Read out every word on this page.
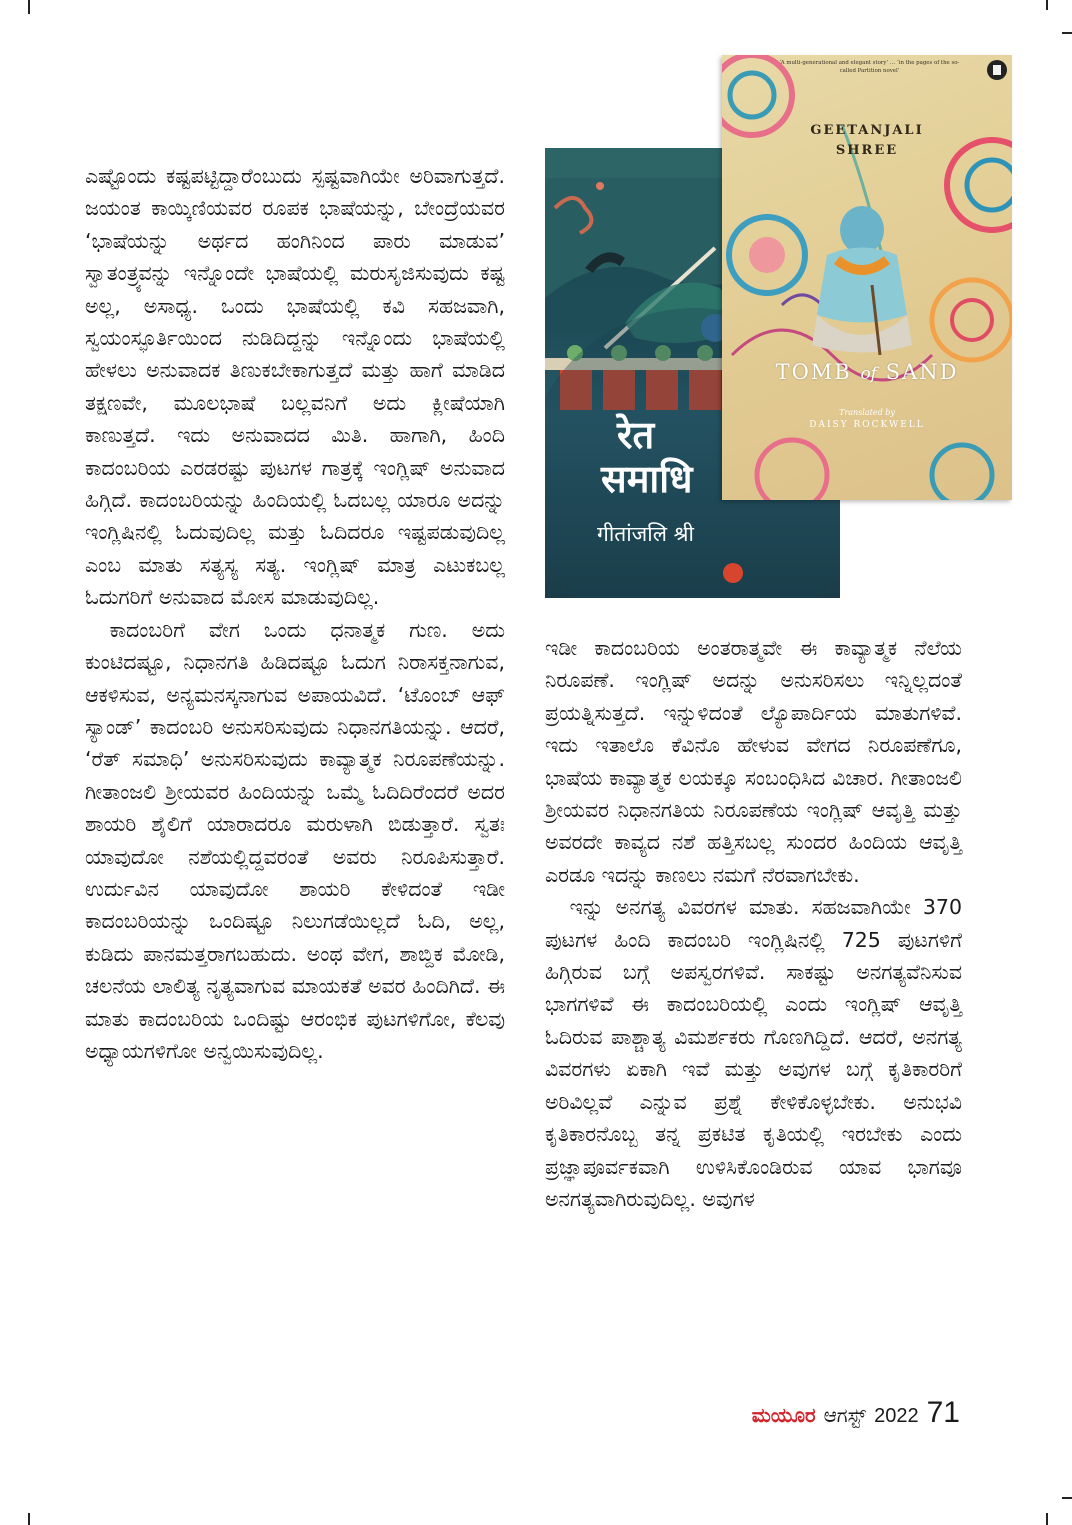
रेत
समाधि
गीतांजलि श्री
‘A multi-generational and elegant story’ … ‘in the pages of the so-called Partition novel’
GEETANJALI SHREE
TOMB of SAND
Translated by
DAISY ROCKWELL

ಎಷ್ಟೊಂದು ಕಷ್ಟಪಟ್ಟಿದ್ದಾರೆಂಬುದು ಸ್ಪಷ್ಟವಾಗಿಯೇ ಅರಿವಾಗುತ್ತದೆ. ಜಯಂತ ಕಾಯ್ಕಿಣಿಯವರ ರೂಪಕ ಭಾಷೆಯನ್ನು, ಬೇಂದ್ರೆಯವರ ‘ಭಾಷೆಯನ್ನು ಅರ್ಥದ ಹಂಗಿನಿಂದ ಪಾರು ಮಾಡುವ’ ಸ್ವಾತಂತ್ರ್ಯವನ್ನು ಇನ್ನೊಂದೇ ಭಾಷೆಯಲ್ಲಿ ಮರುಸೃಜಿಸುವುದು ಕಷ್ಟ ಅಲ್ಲ, ಅಸಾಧ್ಯ. ಒಂದು ಭಾಷೆಯಲ್ಲಿ ಕವಿ ಸಹಜವಾಗಿ, ಸ್ವಯಂಸ್ಫೂರ್ತಿಯಿಂದ ನುಡಿದಿದ್ದನ್ನು ಇನ್ನೊಂದು ಭಾಷೆಯಲ್ಲಿ ಹೇಳಲು ಅನುವಾದಕ ತಿಣುಕಬೇಕಾಗುತ್ತದೆ ಮತ್ತು ಹಾಗೆ ಮಾಡಿದ ತಕ್ಷಣವೇ, ಮೂಲಭಾಷೆ ಬಲ್ಲವನಿಗೆ ಅದು ಕ್ಲೀಷೆಯಾಗಿ ಕಾಣುತ್ತದೆ. ಇದು ಅನುವಾದದ ಮಿತಿ. ಹಾಗಾಗಿ, ಹಿಂದಿ ಕಾದಂಬರಿಯ ಎರಡರಷ್ಟು ಪುಟಗಳ ಗಾತ್ರಕ್ಕೆ ಇಂಗ್ಲಿಷ್ ಅನುವಾದ ಹಿಗ್ಗಿದೆ. ಕಾದಂಬರಿಯನ್ನು ಹಿಂದಿಯಲ್ಲಿ ಓದಬಲ್ಲ ಯಾರೂ ಅದನ್ನು ಇಂಗ್ಲಿಷಿನಲ್ಲಿ ಓದುವುದಿಲ್ಲ ಮತ್ತು ಓದಿದರೂ ಇಷ್ಟಪಡುವುದಿಲ್ಲ ಎಂಬ ಮಾತು ಸತ್ಯಸ್ಯ ಸತ್ಯ. ಇಂಗ್ಲಿಷ್ ಮಾತ್ರ ಎಟುಕಬಲ್ಲ ಓದುಗರಿಗೆ ಅನುವಾದ ಮೋಸ ಮಾಡುವುದಿಲ್ಲ.

ಕಾದಂಬರಿಗೆ ವೇಗ ಒಂದು ಧನಾತ್ಮಕ ಗುಣ. ಅದು ಕುಂಟಿದಷ್ಟೂ, ನಿಧಾನಗತಿ ಹಿಡಿದಷ್ಟೂ ಓದುಗ ನಿರಾಸಕ್ತನಾಗುವ, ಆಕಳಿಸುವ, ಅನ್ಯಮನಸ್ಕನಾಗುವ ಅಪಾಯವಿದೆ. ‘ಟೊಂಬ್ ಆಫ್ ಸ್ಯಾಂಡ್’ ಕಾದಂಬರಿ ಅನುಸರಿಸುವುದು ನಿಧಾನಗತಿಯನ್ನು. ಆದರೆ, ‘ರೆತ್ ಸಮಾಧಿ’ ಅನುಸರಿಸುವುದು ಕಾವ್ಯಾತ್ಮಕ ನಿರೂಪಣೆಯನ್ನು. ಗೀತಾಂಜಲಿ ಶ್ರೀಯವರ ಹಿಂದಿಯನ್ನು ಒಮ್ಮೆ ಓದಿದಿರೆಂದರೆ ಅದರ ಶಾಯರಿ ಶೈಲಿಗೆ ಯಾರಾದರೂ ಮರುಳಾಗಿ ಬಿಡುತ್ತಾರೆ. ಸ್ವತಃ ಯಾವುದೋ ನಶೆಯಲ್ಲಿದ್ದವರಂತೆ ಅವರು ನಿರೂಪಿಸುತ್ತಾರೆ. ಉರ್ದುವಿನ ಯಾವುದೋ ಶಾಯರಿ ಕೇಳಿದಂತೆ ಇಡೀ ಕಾದಂಬರಿಯನ್ನು ಒಂದಿಷ್ಟೂ ನಿಲುಗಡೆಯಿಲ್ಲದೆ ಓದಿ, ಅಲ್ಲ, ಕುಡಿದು ಪಾನಮತ್ತರಾಗಬಹುದು. ಅಂಥ ವೇಗ, ಶಾಬ್ದಿಕ ಮೋಡಿ, ಚಲನೆಯ ಲಾಲಿತ್ಯ ನೃತ್ಯವಾಗುವ ಮಾಯಕತೆ ಅವರ ಹಿಂದಿಗಿದೆ. ಈ ಮಾತು ಕಾದಂಬರಿಯ ಒಂದಿಷ್ಟು ಆರಂಭಿಕ ಪುಟಗಳಿಗೋ, ಕೆಲವು ಅಧ್ಯಾಯಗಳಿಗೋ ಅನ್ವಯಿಸುವುದಿಲ್ಲ.

ಇಡೀ ಕಾದಂಬರಿಯ ಅಂತರಾತ್ಮವೇ ಈ ಕಾವ್ಯಾತ್ಮಕ ನೆಲೆಯ ನಿರೂಪಣೆ. ಇಂಗ್ಲಿಷ್ ಅದನ್ನು ಅನುಸರಿಸಲು ಇನ್ನಿಲ್ಲದಂತೆ ಪ್ರಯತ್ನಿಸುತ್ತದೆ. ಇನ್ನುಳಿದಂತೆ ಲ್ಯೊಪಾರ್ದಿಯ ಮಾತುಗಳಿವೆ. ಇದು ಇತಾಲೊ ಕೆವಿನೊ ಹೇಳುವ ವೇಗದ ನಿರೂಪಣೆಗೂ, ಭಾಷೆಯ ಕಾವ್ಯಾತ್ಮಕ ಲಯಕ್ಕೂ ಸಂಬಂಧಿಸಿದ ವಿಚಾರ. ಗೀತಾಂಜಲಿ ಶ್ರೀಯವರ ನಿಧಾನಗತಿಯ ನಿರೂಪಣೆಯ ಇಂಗ್ಲಿಷ್ ಆವೃತ್ತಿ ಮತ್ತು ಅವರದೇ ಕಾವ್ಯದ ನಶೆ ಹತ್ತಿಸಬಲ್ಲ ಸುಂದರ ಹಿಂದಿಯ ಆವೃತ್ತಿ ಎರಡೂ ಇದನ್ನು ಕಾಣಲು ನಮಗೆ ನೆರವಾಗಬೇಕು.

ಇನ್ನು ಅನಗತ್ಯ ವಿವರಗಳ ಮಾತು. ಸಹಜವಾಗಿಯೇ 370 ಪುಟಗಳ ಹಿಂದಿ ಕಾದಂಬರಿ ಇಂಗ್ಲಿಷಿನಲ್ಲಿ 725 ಪುಟಗಳಿಗೆ ಹಿಗ್ಗಿರುವ ಬಗ್ಗೆ ಅಪಸ್ವರಗಳಿವೆ. ಸಾಕಷ್ಟು ಅನಗತ್ಯವೆನಿಸುವ ಭಾಗಗಳಿವೆ ಈ ಕಾದಂಬರಿಯಲ್ಲಿ ಎಂದು ಇಂಗ್ಲಿಷ್ ಆವೃತ್ತಿ ಓದಿರುವ ಪಾಶ್ಚಾತ್ಯ ವಿಮರ್ಶಕರು ಗೊಣಗಿದ್ದಿದೆ. ಆದರೆ, ಅನಗತ್ಯ ವಿವರಗಳು ಏಕಾಗಿ ಇವೆ ಮತ್ತು ಅವುಗಳ ಬಗ್ಗೆ ಕೃತಿಕಾರರಿಗೆ ಅರಿವಿಲ್ಲವೆ ಎನ್ನುವ ಪ್ರಶ್ನೆ ಕೇಳಿಕೊಳ್ಳಬೇಕು. ಅನುಭವಿ ಕೃತಿಕಾರನೊಬ್ಬ ತನ್ನ ಪ್ರಕಟಿತ ಕೃತಿಯಲ್ಲಿ ಇರಬೇಕು ಎಂದು ಪ್ರಜ್ಞಾಪೂರ್ವಕವಾಗಿ ಉಳಿಸಿಕೊಂಡಿರುವ ಯಾವ ಭಾಗವೂ ಅನಗತ್ಯವಾಗಿರುವುದಿಲ್ಲ. ಅವುಗಳ

ಮಯೂರ ಆಗಸ್ಟ್ 2022 71
